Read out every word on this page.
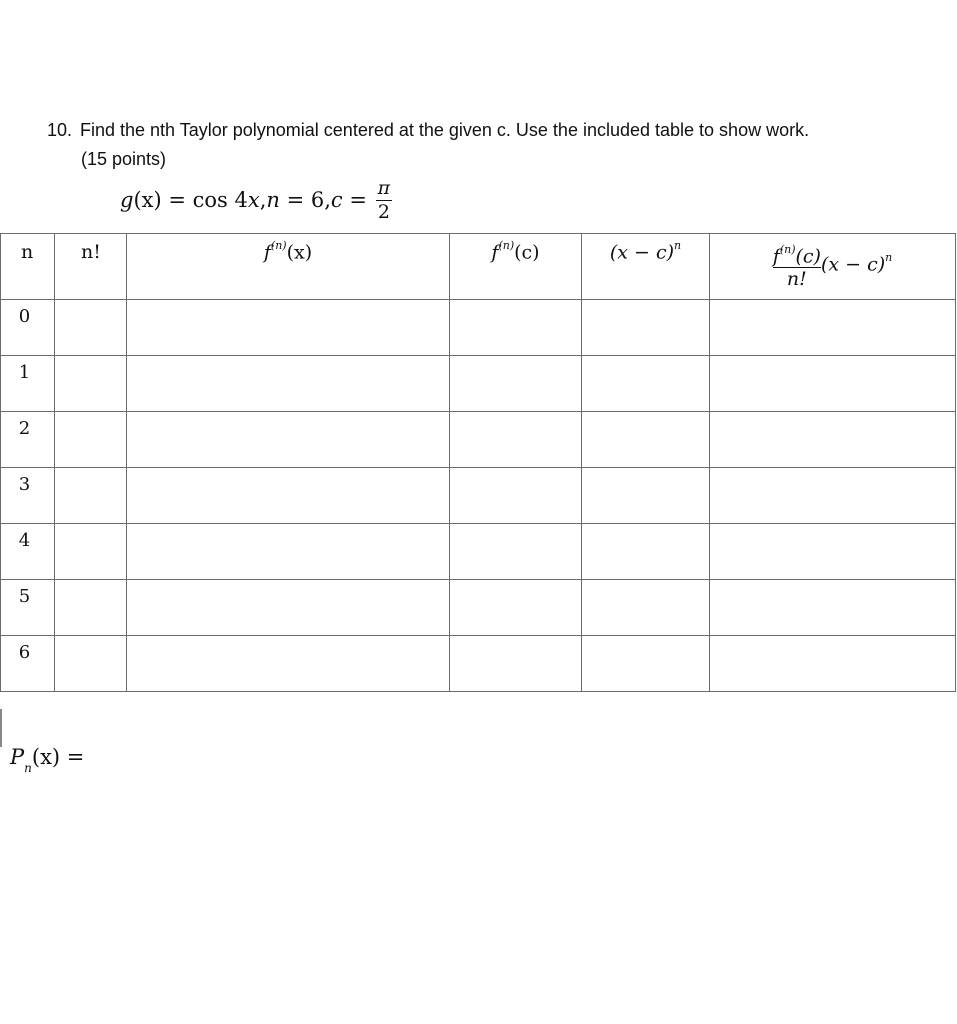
10. Find the nth Taylor polynomial centered at the given c. Use the included table to show work.
(15 points)
$g(x) = \cos 4x,n = 6,c = \frac{\pi}{2}$
n	n!	$f^{(n)}(x)$	$f^{(n)}(c)$	$(x - c)^n$	$\frac{f^{(n)}(c)}{n!} (x - c)^n$

0					

1					

2					

3					

4					

5					

6					

$P_n(x)$ =
